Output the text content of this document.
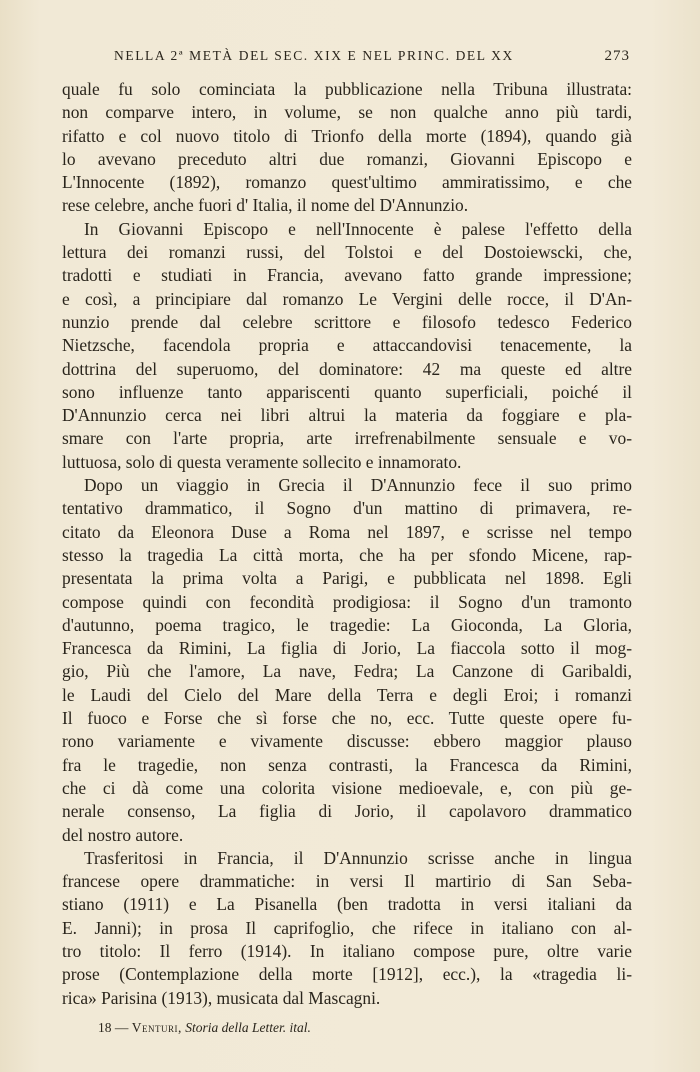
NELLA 2ª METÀ DEL SEC. XIX E NEL PRINC. DEL XX	273
quale fu solo cominciata la pubblicazione nella Tribuna illustrata:
non comparve intero, in volume, se non qualche anno più tardi,
rifatto e col nuovo titolo di Trionfo della morte (1894), quando già
lo avevano preceduto altri due romanzi, Giovanni Episcopo e
L'Innocente (1892), romanzo quest'ultimo ammiratissimo, e che
rese celebre, anche fuori d' Italia, il nome del D'Annunzio.
In Giovanni Episcopo e nell'Innocente è palese l'effetto della
lettura dei romanzi russi, del Tolstoi e del Dostoiewscki, che,
tradotti e studiati in Francia, avevano fatto grande impressione;
e così, a principiare dal romanzo Le Vergini delle rocce, il D'An-
nunzio prende dal celebre scrittore e filosofo tedesco Federico
Nietzsche, facendola propria e attaccandovisi tenacemente, la
dottrina del superuomo, del dominatore: 42 ma queste ed altre
sono influenze tanto appariscenti quanto superficiali, poiché il
D'Annunzio cerca nei libri altrui la materia da foggiare e pla-
smare con l'arte propria, arte irrefrenabilmente sensuale e vo-
luttuosa, solo di questa veramente sollecito e innamorato.
Dopo un viaggio in Grecia il D'Annunzio fece il suo primo
tentativo drammatico, il Sogno d'un mattino di primavera, re-
citato da Eleonora Duse a Roma nel 1897, e scrisse nel tempo
stesso la tragedia La città morta, che ha per sfondo Micene, rap-
presentata la prima volta a Parigi, e pubblicata nel 1898. Egli
compose quindi con fecondità prodigiosa: il Sogno d'un tramonto
d'autunno, poema tragico, le tragedie: La Gioconda, La Gloria,
Francesca da Rimini, La figlia di Jorio, La fiaccola sotto il mog-
gio, Più che l'amore, La nave, Fedra; La Canzone di Garibaldi,
le Laudi del Cielo del Mare della Terra e degli Eroi; i romanzi
Il fuoco e Forse che sì forse che no, ecc. Tutte queste opere fu-
rono variamente e vivamente discusse: ebbero maggior plauso
fra le tragedie, non senza contrasti, la Francesca da Rimini,
che ci dà come una colorita visione medioevale, e, con più ge-
nerale consenso, La figlia di Jorio, il capolavoro drammatico
del nostro autore.
Trasferitosi in Francia, il D'Annunzio scrisse anche in lingua
francese opere drammatiche: in versi Il martirio di San Seba-
stiano (1911) e La Pisanella (ben tradotta in versi italiani da
E. Janni); in prosa Il caprifoglio, che rifece in italiano con al-
tro titolo: Il ferro (1914). In italiano compose pure, oltre varie
prose (Contemplazione della morte [1912], ecc.), la «tragedia li-
rica» Parisina (1913), musicata dal Mascagni.
18 — Venturi, Storia della Letter. ital.
